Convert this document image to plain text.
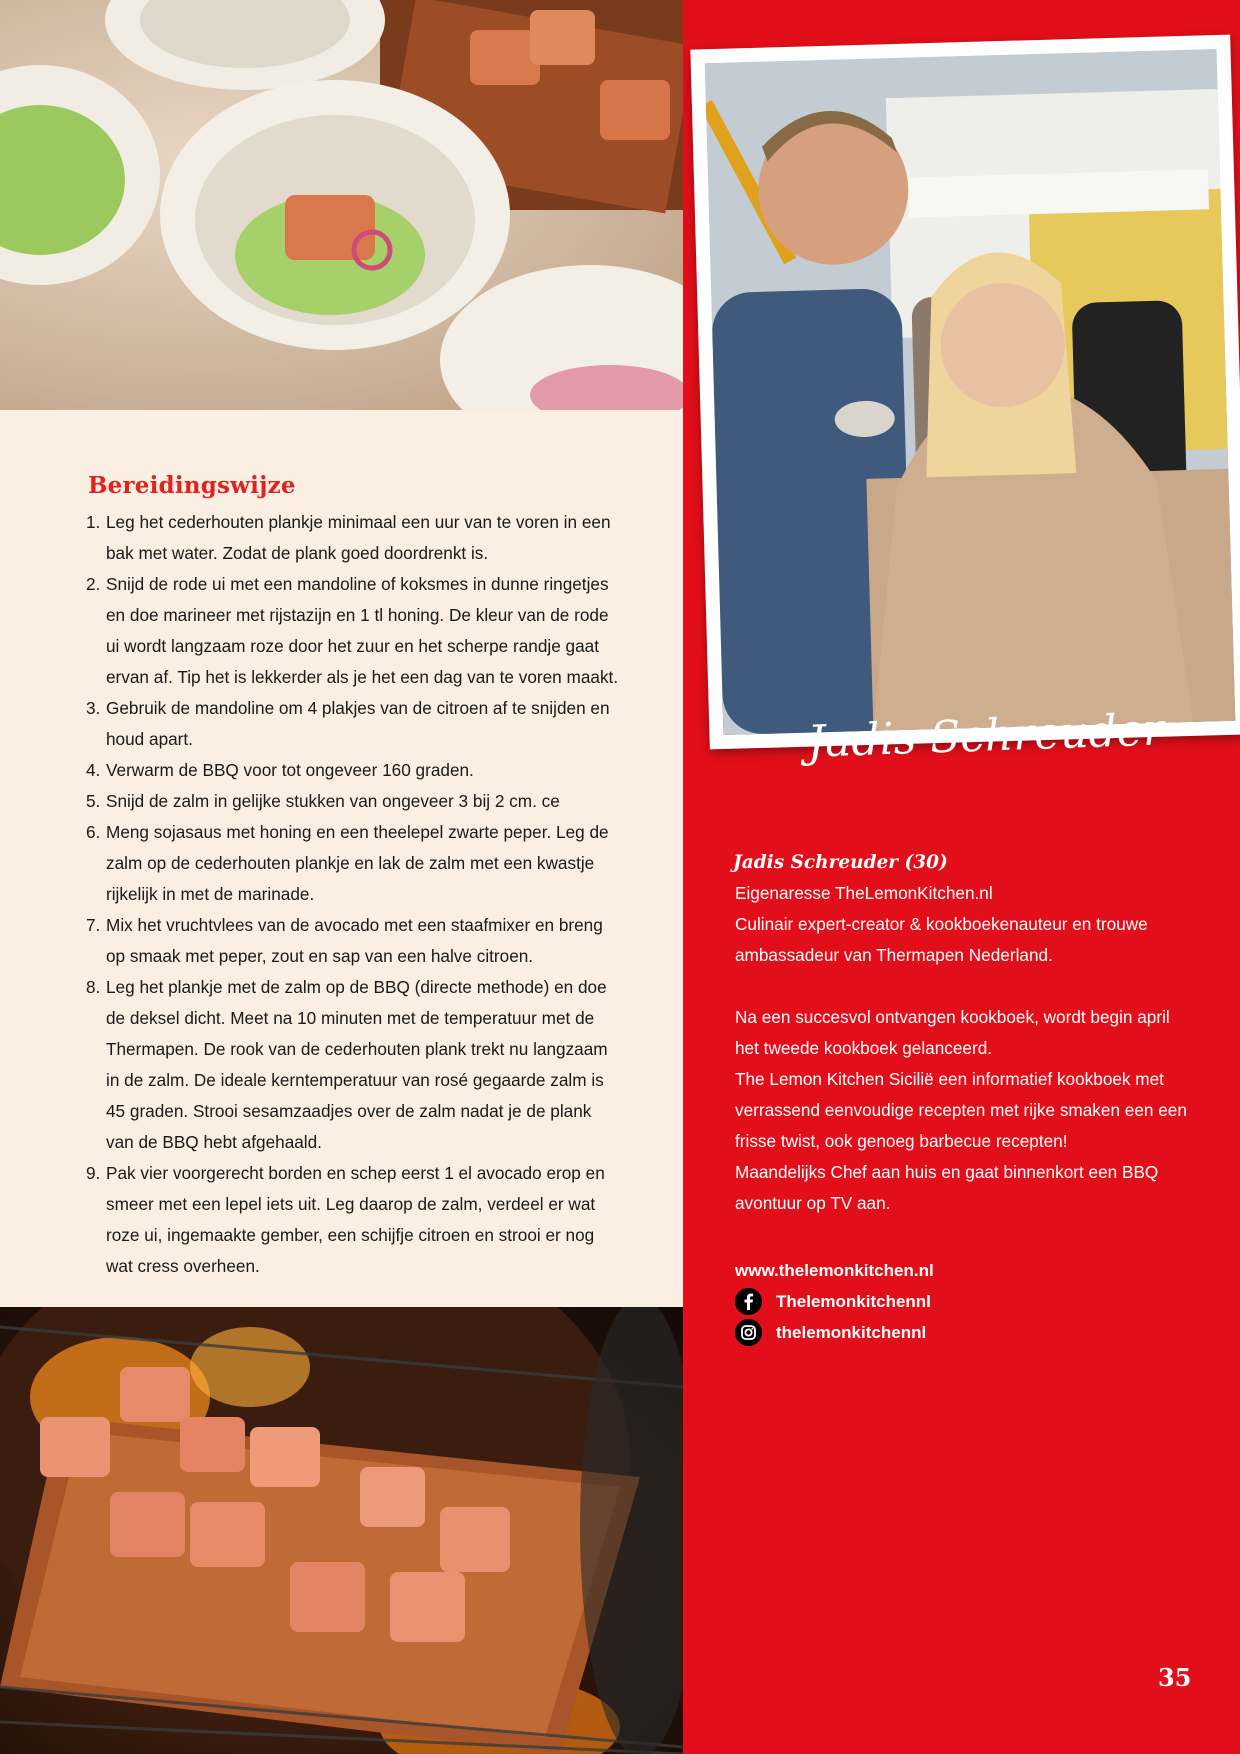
Bereidingswijze
1. Leg het cederhouten plankje minimaal een uur van te voren in een
bak met water. Zodat de plank goed doordrenkt is.
2. Snijd de rode ui met een mandoline of koksmes in dunne ringetjes
en doe marineer met rijstazijn en 1 tl honing. De kleur van de rode
ui wordt langzaam roze door het zuur en het scherpe randje gaat
ervan af. Tip het is lekkerder als je het een dag van te voren maakt.
3. Gebruik de mandoline om 4 plakjes van de citroen af te snijden en
houd apart.
4. Verwarm de BBQ voor tot ongeveer 160 graden.
5. Snijd de zalm in gelijke stukken van ongeveer 3 bij 2 cm. ce
6. Meng sojasaus met honing en een theelepel zwarte peper. Leg de
zalm op de cederhouten plankje en lak de zalm met een kwastje
rijkelijk in met de marinade.
7. Mix het vruchtvlees van de avocado met een staafmixer en breng
op smaak met peper, zout en sap van een halve citroen.
8. Leg het plankje met de zalm op de BBQ (directe methode) en doe
de deksel dicht. Meet na 10 minuten met de temperatuur met de
Thermapen. De rook van de cederhouten plank trekt nu langzaam
in de zalm. De ideale kerntemperatuur van rosé gegaarde zalm is
45 graden. Strooi sesamzaadjes over de zalm nadat je de plank
van de BBQ hebt afgehaald.
9. Pak vier voorgerecht borden en schep eerst 1 el avocado erop en
smeer met een lepel iets uit. Leg daarop de zalm, verdeel er wat
roze ui, ingemaakte gember, een schijfje citroen en strooi er nog
wat cress overheen.
Jadis Schreuder
Jadis Schreuder (30)

Eigenaresse TheLemonKitchen.nl

Culinair expert-creator & kookboekenauteur en trouwe

ambassadeur van Thermapen Nederland.

Na een succesvol ontvangen kookboek, wordt begin april

het tweede kookboek gelanceerd.

The Lemon Kitchen Sicilië een informatief kookboek met

verrassend eenvoudige recepten met rijke smaken een een

frisse twist, ook genoeg barbecue recepten!

Maandelijks Chef aan huis en gaat binnenkort een BBQ

avontuur op TV aan.

www.thelemonkitchen.nl
Thelemonkitchennl
thelemonkitchennl
35
